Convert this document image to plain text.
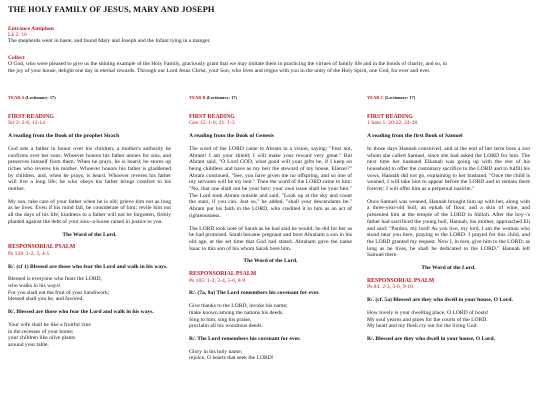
THE HOLY FAMILY OF JESUS, MARY AND JOSEPH
Entrance Antiphon
Lk 2: 16
The shepherds went in haste, and found Mary and Joseph and the Infant lying in a manger.
Collect
O God, who were pleased to give us the shining example of the Holy Family, graciously grant that we may imitate them in practicing the virtues of family life and in the bonds of charity, and so, in
the joy of your house, delight one day in eternal rewards. Through our Lord Jesus Christ, your Son, who lives and reigns with you in the unity of the Holy Spirit, one God, for ever and ever.
YEAR A (Lectionary: 17)
FIRST READING
Sir 3: 2-6, 12-14

A reading from the Book of the prophet Sirach

God sets a father in honor over his children; a mother's authority he confirms over her sons. Whoever honors his father atones for sins, and preserves himself from them. When he prays, he is heard; he stores up riches who reveres his mother. Whoever honors his father is gladdened by children, and, when he prays, is heard. Whoever reveres his father will live a long life; he who obeys his father brings comfort to his mother.

My son, take care of your father when he is old; grieve him not as long as he lives. Even if his mind fail, be considerate of him; revile him not all the days of his life; kindness to a father will not be forgotten, firmly planted against the debt of your sins--a house raised in justice to you.

The Word of the Lord.

RESPONSORIAL PSALM
Ps 128: 1-2, 3, 4-5

R/. (cf 1) Blessed are those who fear the Lord and walk in his ways.

Blessed is everyone who fears the LORD,
who walks in his ways!
For you shall eat the fruit of your handiwork;
blessed shall you be, and favored.

R/. Blessed are those who fear the Lord and walk in his ways.

Your wife shall be like a fruitful vine
in the recesses of your home;
your children like olive plants
around your table.

YEAR B (Lectionary: 17)
FIRST READING
Gen 15: 1-6; 21: 1-3

A reading from the Book of Genesis

The word of the LORD came to Abram in a vision, saying: "Fear not, Abram! I am your shield; I will make your reward very great." But Abram said, "O Lord GOD, what good will your gifts be, if I keep on being childless and have as my heir the steward of my house, Eliezer?" Abram continued, "See, you have given me no offspring, and so one of my servants will be my heir." Then the word of the LORD came to him: "No, that one shall not be your heir; your own issue shall be your heir." The Lord took Abram outside and said, "Look up at the sky and count the stars, if you can. Just so," he added, "shall your descendants be." Abram put his faith in the LORD, who credited it to him as an act of righteousness.

The LORD took note of Sarah as he had said he would; he did for her as he had promised. Sarah became pregnant and bore Abraham a son in his old age, at the set time that God had stated. Abraham gave the name Isaac to this son of his whom Sarah bore him.

The Word of the Lord.

RESPONSORIAL PSALM
Ps 105: 1-2, 3-4, 5-6, 8-9

R/. (7a, 8a) The Lord remembers his covenant for ever.

Give thanks to the LORD, invoke his name;
make known among the nations his deeds.
Sing to him, sing his praise,
proclaim all his wondrous deeds.

R/. The Lord remembers his covenant for ever.

Glory in his holy name;
rejoice, O hearts that seek the LORD!

YEAR C (Lectionary: 17)
FIRST READING
1 Sam 1: 20-22, 24-28

A reading from the first Book of Samuel

In those days Hannah conceived, and at the end of her term bore a son whom she called Samuel, since she had asked the LORD for him. The next time her husband Elkanah was going up with the rest of his household to offer the customary sacrifice to the LORD and to fulfill his vows, Hannah did not go, explaining to her husband, "Once the child is weaned, I will take him to appear before the LORD and to remain there forever; I will offer him as a perpetual nazirite."

Once Samuel was weaned, Hannah brought him up with her, along with a three-year-old bull, an ephah of flour, and a skin of wine, and presented him at the temple of the LORD in Shiloh. After the boy¬'s father had sacrificed the young bull, Hannah, his mother, approached Eli and said: "Pardon, my lord! As you live, my lord, I am the woman who stood near you here, praying to the LORD. I prayed for this child, and the LORD granted my request. Now I, in turn, give him to the LORD; as long as he lives, he shall be dedicated to the LORD." Hannah left Samuel there.

The Word of the Lord.

RESPONSORIAL PSALM
Ps 84: 2-3, 5-6, 9-10

R/. (cf. 5a) Blessed are they who dwell in your house, O Lord.

How lovely is your dwelling place, O LORD of hosts!
My soul yearns and pines for the courts of the LORD.
My heart and my flesh cry out for the living God.

R/. Blessed are they who dwell in your house, O Lord.
